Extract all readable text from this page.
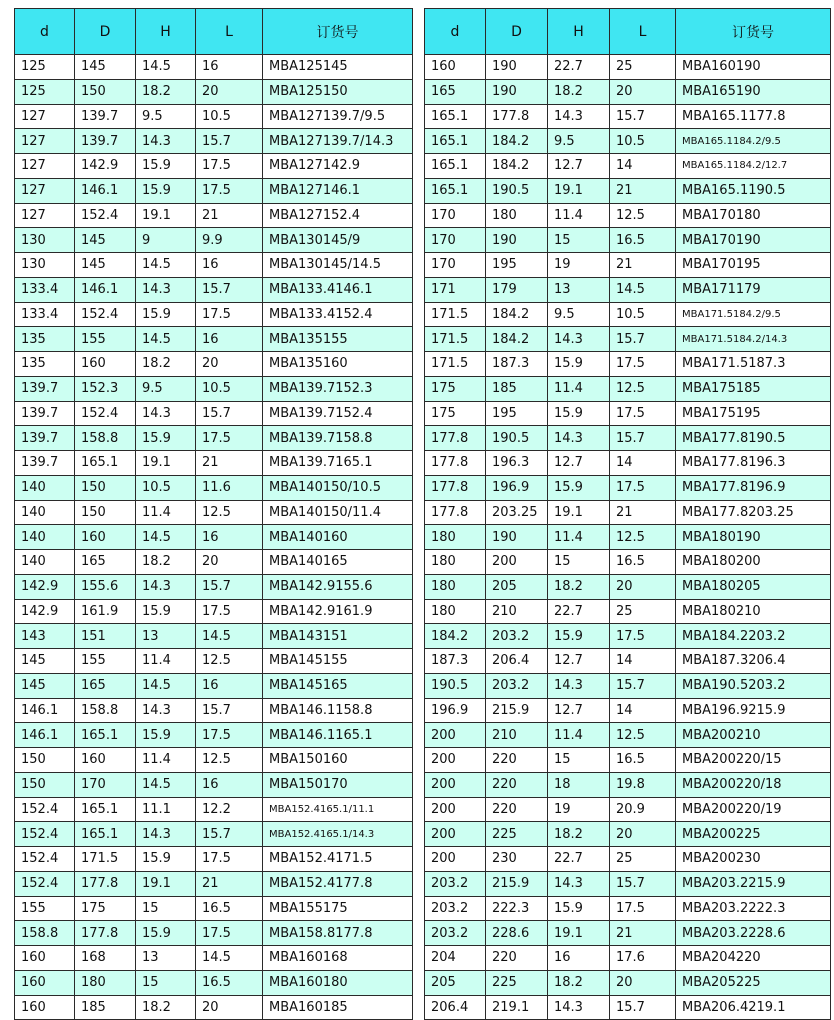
d	D	H	L	订货号
125	145	14.5	16	MBA125145
125	150	18.2	20	MBA125150
127	139.7	9.5	10.5	MBA127139.7/9.5
127	139.7	14.3	15.7	MBA127139.7/14.3
127	142.9	15.9	17.5	MBA127142.9
127	146.1	15.9	17.5	MBA127146.1
127	152.4	19.1	21	MBA127152.4
130	145	9	9.9	MBA130145/9
130	145	14.5	16	MBA130145/14.5
133.4	146.1	14.3	15.7	MBA133.4146.1
133.4	152.4	15.9	17.5	MBA133.4152.4
135	155	14.5	16	MBA135155
135	160	18.2	20	MBA135160
139.7	152.3	9.5	10.5	MBA139.7152.3
139.7	152.4	14.3	15.7	MBA139.7152.4
139.7	158.8	15.9	17.5	MBA139.7158.8
139.7	165.1	19.1	21	MBA139.7165.1
140	150	10.5	11.6	MBA140150/10.5
140	150	11.4	12.5	MBA140150/11.4
140	160	14.5	16	MBA140160
140	165	18.2	20	MBA140165
142.9	155.6	14.3	15.7	MBA142.9155.6
142.9	161.9	15.9	17.5	MBA142.9161.9
143	151	13	14.5	MBA143151
145	155	11.4	12.5	MBA145155
145	165	14.5	16	MBA145165
146.1	158.8	14.3	15.7	MBA146.1158.8
146.1	165.1	15.9	17.5	MBA146.1165.1
150	160	11.4	12.5	MBA150160
150	170	14.5	16	MBA150170
152.4	165.1	11.1	12.2	MBA152.4165.1/11.1
152.4	165.1	14.3	15.7	MBA152.4165.1/14.3
152.4	171.5	15.9	17.5	MBA152.4171.5
152.4	177.8	19.1	21	MBA152.4177.8
155	175	15	16.5	MBA155175
158.8	177.8	15.9	17.5	MBA158.8177.8
160	168	13	14.5	MBA160168
160	180	15	16.5	MBA160180
160	185	18.2	20	MBA160185
d	D	H	L	订货号
160	190	22.7	25	MBA160190
165	190	18.2	20	MBA165190
165.1	177.8	14.3	15.7	MBA165.1177.8
165.1	184.2	9.5	10.5	MBA165.1184.2/9.5
165.1	184.2	12.7	14	MBA165.1184.2/12.7
165.1	190.5	19.1	21	MBA165.1190.5
170	180	11.4	12.5	MBA170180
170	190	15	16.5	MBA170190
170	195	19	21	MBA170195
171	179	13	14.5	MBA171179
171.5	184.2	9.5	10.5	MBA171.5184.2/9.5
171.5	184.2	14.3	15.7	MBA171.5184.2/14.3
171.5	187.3	15.9	17.5	MBA171.5187.3
175	185	11.4	12.5	MBA175185
175	195	15.9	17.5	MBA175195
177.8	190.5	14.3	15.7	MBA177.8190.5
177.8	196.3	12.7	14	MBA177.8196.3
177.8	196.9	15.9	17.5	MBA177.8196.9
177.8	203.25	19.1	21	MBA177.8203.25
180	190	11.4	12.5	MBA180190
180	200	15	16.5	MBA180200
180	205	18.2	20	MBA180205
180	210	22.7	25	MBA180210
184.2	203.2	15.9	17.5	MBA184.2203.2
187.3	206.4	12.7	14	MBA187.3206.4
190.5	203.2	14.3	15.7	MBA190.5203.2
196.9	215.9	12.7	14	MBA196.9215.9
200	210	11.4	12.5	MBA200210
200	220	15	16.5	MBA200220/15
200	220	18	19.8	MBA200220/18
200	220	19	20.9	MBA200220/19
200	225	18.2	20	MBA200225
200	230	22.7	25	MBA200230
203.2	215.9	14.3	15.7	MBA203.2215.9
203.2	222.3	15.9	17.5	MBA203.2222.3
203.2	228.6	19.1	21	MBA203.2228.6
204	220	16	17.6	MBA204220
205	225	18.2	20	MBA205225
206.4	219.1	14.3	15.7	MBA206.4219.1
